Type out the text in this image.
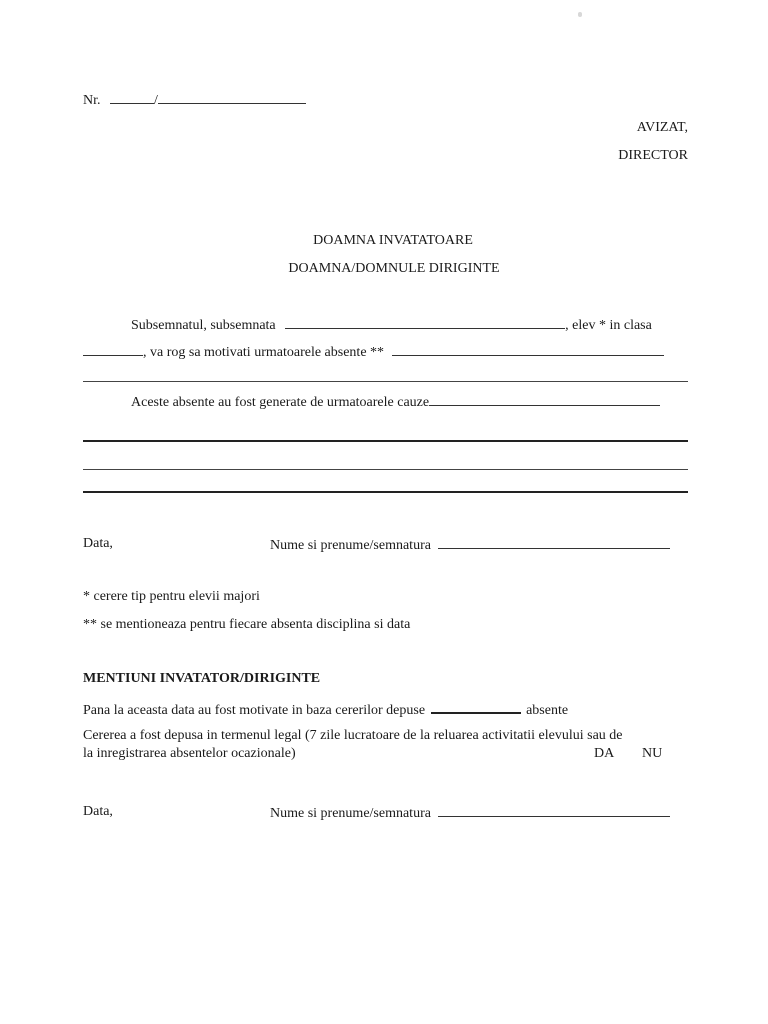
Nr.	/
AVIZAT,
DIRECTOR
DOAMNA INVATATOARE
DOAMNA/DOMNULE DIRIGINTE
Subsemnatul, subsemnata	, elev * in clasa
, va rog sa motivati urmatoarele absente **
Aceste absente au fost generate de urmatoarele cauze
Data,	Nume si prenume/semnatura
* cerere tip pentru elevii majori
** se mentioneaza pentru fiecare absenta disciplina si data
MENTIUNI INVATATOR/DIRIGINTE
Pana la aceasta data au fost motivate in baza cererilor depuse	absente
Cererea a fost depusa in termenul legal (7 zile lucratoare de la reluarea activitatii elevului sau de
la inregistrarea absentelor ocazionale)	DA NU
Data,	Nume si prenume/semnatura
